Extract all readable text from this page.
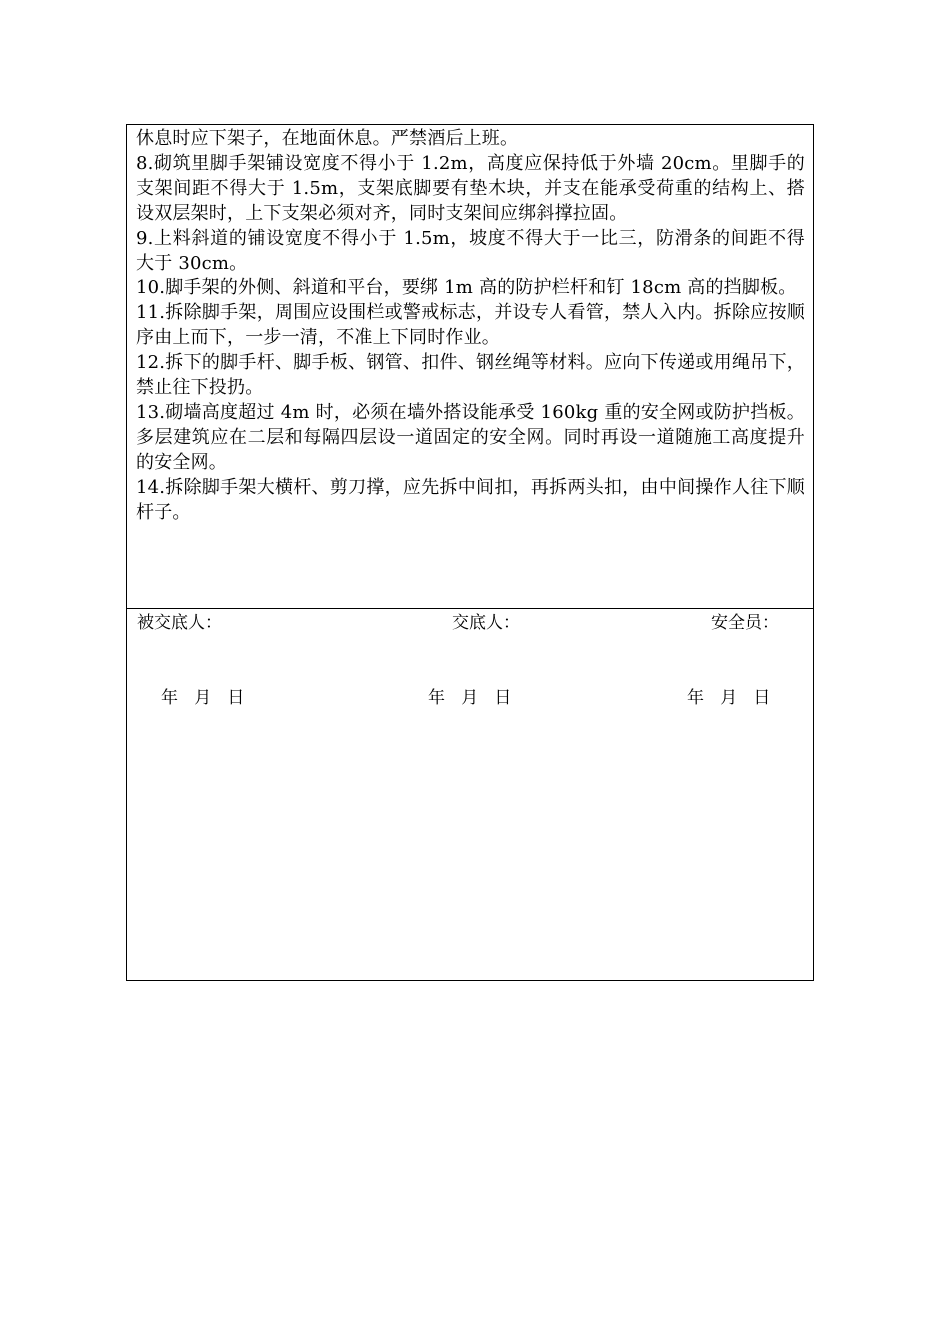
休息时应下架子，在地面休息。严禁酒后上班。

8.砌筑里脚手架铺设宽度不得小于 1.2m，高度应保持低于外墙 20cm。里脚手的支架间距不得大于 1.5m，支架底脚要有垫木块，并支在能承受荷重的结构上、搭设双层架时，上下支架必须对齐，同时支架间应绑斜撑拉固。

9.上料斜道的铺设宽度不得小于 1.5m，坡度不得大于一比三，防滑条的间距不得大于 30cm。

10.脚手架的外侧、斜道和平台，要绑 1m 高的防护栏杆和钉 18cm 高的挡脚板。

11.拆除脚手架，周围应设围栏或警戒标志，并设专人看管，禁人入内。拆除应按顺序由上而下，一步一清，不准上下同时作业。

12.拆下的脚手杆、脚手板、钢管、扣件、钢丝绳等材料。应向下传递或用绳吊下，禁止往下投扔。

13.砌墙高度超过 4m 时，必须在墙外搭设能承受 160kg 重的安全网或防护挡板。多层建筑应在二层和每隔四层设一道固定的安全网。同时再设一道随施工高度提升的安全网。

14.拆除脚手架大横杆、剪刀撑，应先拆中间扣，再拆两头扣，由中间操作人往下顺杆子。

被交底人：	交底人：	安全员：
年   月   日	年   月   日	年   月   日
